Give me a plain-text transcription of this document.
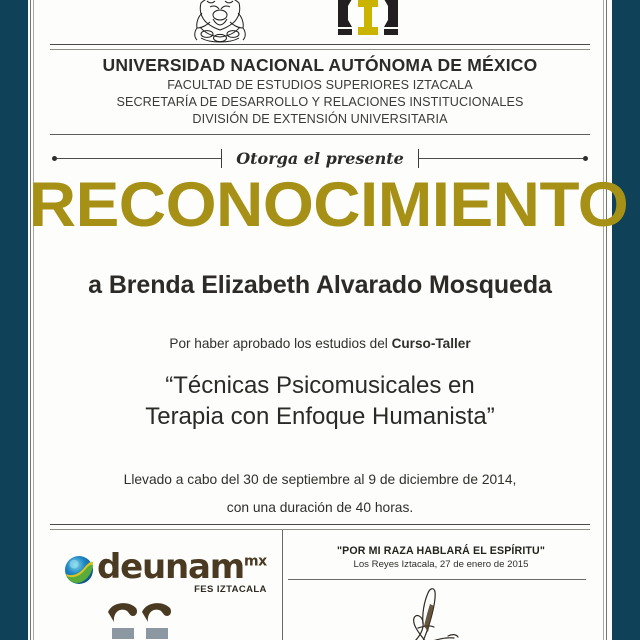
UNIVERSIDAD NACIONAL AUTÓNOMA DE MÉXICO
FACULTAD DE ESTUDIOS SUPERIORES IZTACALA
SECRETARÍA DE DESARROLLO Y RELACIONES INSTITUCIONALES
DIVISIÓN DE EXTENSIÓN UNIVERSITARIA
Otorga el presente
RECONOCIMIENTO
a Brenda Elizabeth Alvarado Mosqueda
Por haber aprobado los estudios del Curso-Taller
“Técnicas Psicomusicales en
Terapia con Enfoque Humanista”
Llevado a cabo del 30 de septiembre al 9 de diciembre de 2014,
con una duración de 40 horas.
deunam$^{mx}$
FES IZTACALA
"POR MI RAZA HABLARÁ EL ESPÍRITU"
Los Reyes Iztacala, 27 de enero de 2015
